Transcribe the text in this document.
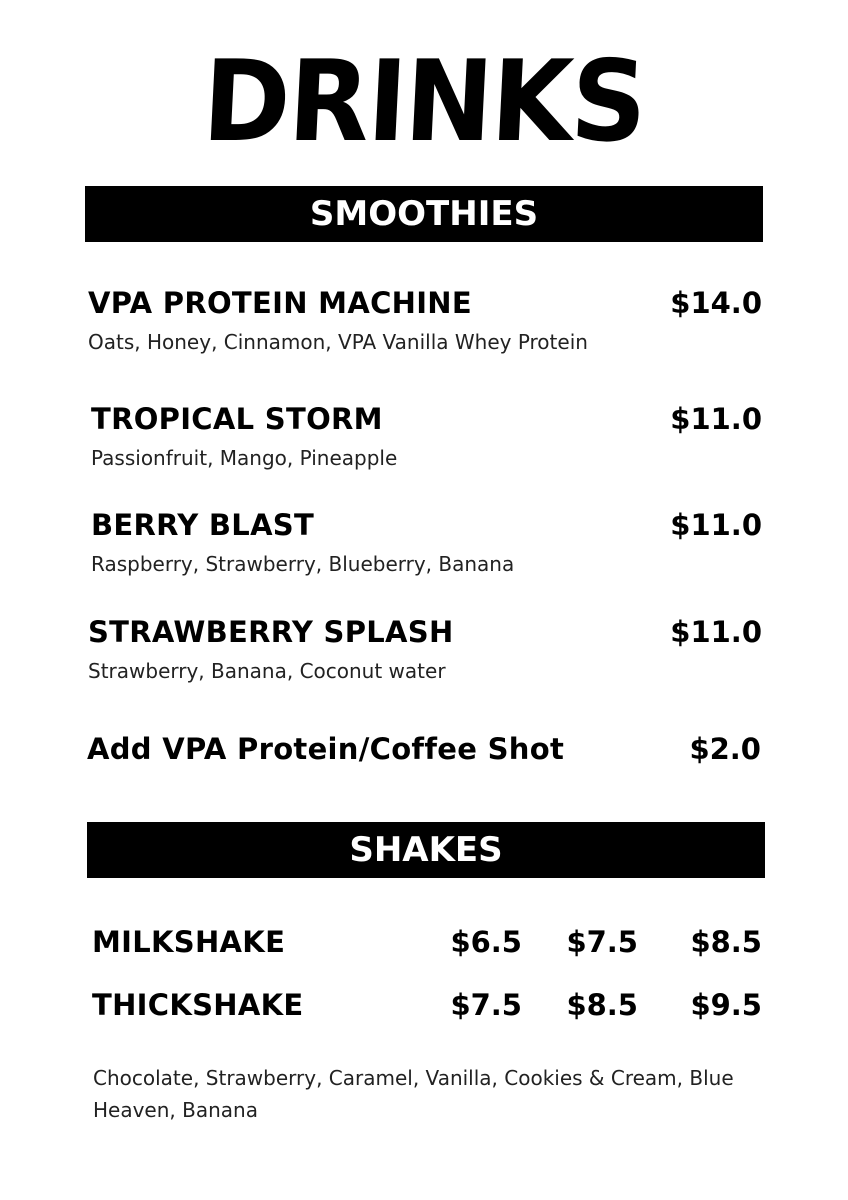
DRINKS
SMOOTHIES
VPA PROTEIN MACHINE	$14.0
Oats, Honey, Cinnamon, VPA Vanilla Whey Protein
TROPICAL STORM	$11.0
Passionfruit, Mango, Pineapple
BERRY BLAST	$11.0
Raspberry, Strawberry, Blueberry, Banana
STRAWBERRY SPLASH	$11.0
Strawberry, Banana, Coconut water
Add VPA Protein/Coffee Shot	$2.0
SHAKES
MILKSHAKE	$6.5	$7.5	$8.5
THICKSHAKE	$7.5	$8.5	$9.5
Chocolate, Strawberry, Caramel, Vanilla, Cookies & Cream, Blue Heaven, Banana
